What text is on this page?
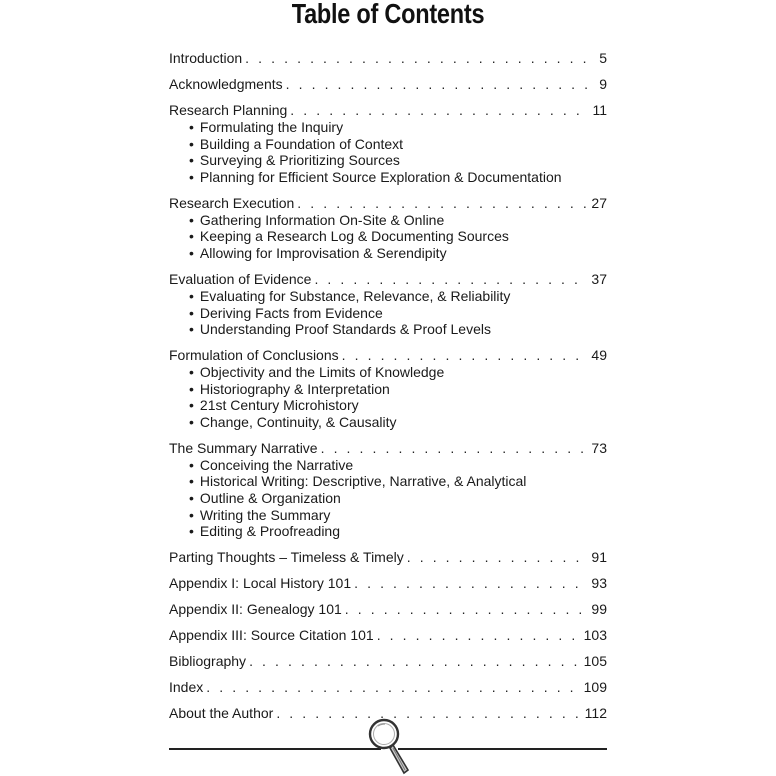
Table of Contents
Introduction . . .	5
Acknowledgments . . .	9
Research Planning . . .	11
• Formulating the Inquiry
• Building a Foundation of Context
• Surveying & Prioritizing Sources
• Planning for Efficient Source Exploration & Documentation
Research Execution . . .	27
• Gathering Information On-Site & Online
• Keeping a Research Log & Documenting Sources
• Allowing for Improvisation & Serendipity
Evaluation of Evidence . . .	37
• Evaluating for Substance, Relevance, & Reliability
• Deriving Facts from Evidence
• Understanding Proof Standards & Proof Levels
Formulation of Conclusions . . .	49
• Objectivity and the Limits of Knowledge
• Historiography & Interpretation
• 21st Century Microhistory
• Change, Continuity, & Causality
The Summary Narrative . . .	73
• Conceiving the Narrative
• Historical Writing: Descriptive, Narrative, & Analytical
• Outline & Organization
• Writing the Summary
• Editing & Proofreading
Parting Thoughts – Timeless & Timely . . .	91
Appendix I: Local History 101 . . .	93
Appendix II: Genealogy 101 . . .	99
Appendix III: Source Citation 101 . . .	103
Bibliography . . .	105
Index . . .	109
About the Author . . .	112
